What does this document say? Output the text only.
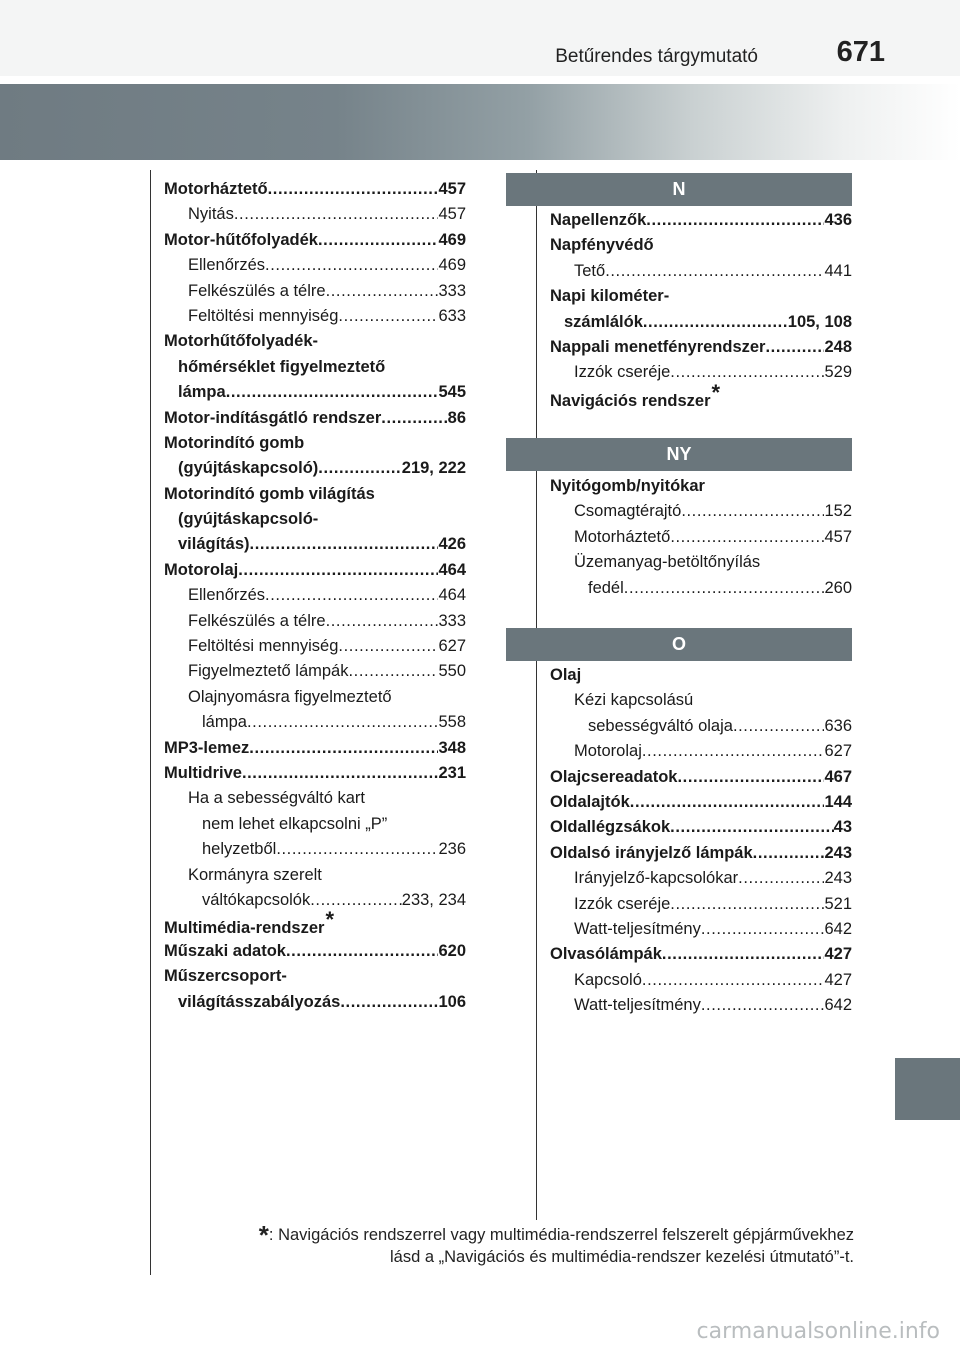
Betűrendes tárgymutató	671
Motorháztető .....	457
Nyitás .....	457
Motor-hűtőfolyadék .....	469
Ellenőrzés .....	469
Felkészülés a télre .....	333
Feltöltési mennyiség .....	633
Motorhűtőfolyadék-
hőmérséklet figyelmeztető
lámpa .....	545
Motor-indításgátló rendszer .....	86
Motorindító gomb
(gyújtáskapcsoló) .....	219, 222
Motorindító gomb világítás
(gyújtáskapcsoló-
világítás) .....	426
Motorolaj .....	464
Ellenőrzés .....	464
Felkészülés a télre .....	333
Feltöltési mennyiség .....	627
Figyelmeztető lámpák .....	550
Olajnyomásra figyelmeztető
lámpa .....	558
MP3-lemez .....	348
Multidrive .....	231
Ha a sebességváltó kart
nem lehet elkapcsolni „P”
helyzetből .....	236
Kormányra szerelt
váltókapcsolók .....	233, 234
Multimédia-rendszer *
Műszaki adatok .....	620
Műszercsoport-
világításszabályozás .....	106
*: Navigációs rendszerrel vagy multimédia-rendszerrel felszerelt gépjárművekhez
lásd a „Navigációs és multimédia-rendszer kezelési útmutató”-t.
carmanualsonline.info
N
Napellenzők .....	436
Napfényvédő
Tető .....	441
Napi kilométer-
számlálók .....	105, 108
Nappali menetfényrendszer .....	248
Izzók cseréje .....	529
Navigációs rendszer *
NY
Nyitógomb/nyitókar
Csomagtérajtó .....	152
Motorháztető .....	457
Üzemanyag-betöltőnyílás
fedél .....	260
O
Olaj
Kézi kapcsolású
sebességváltó olaja .....	636
Motorolaj .....	627
Olajcsereadatok .....	467
Oldalajtók .....	144
Oldallégzsákok .....	43
Oldalsó irányjelző lámpák .....	243
Irányjelző-kapcsolókar .....	243
Izzók cseréje .....	521
Watt-teljesítmény .....	642
Olvasólámpák .....	427
Kapcsoló .....	427
Watt-teljesítmény .....	642
